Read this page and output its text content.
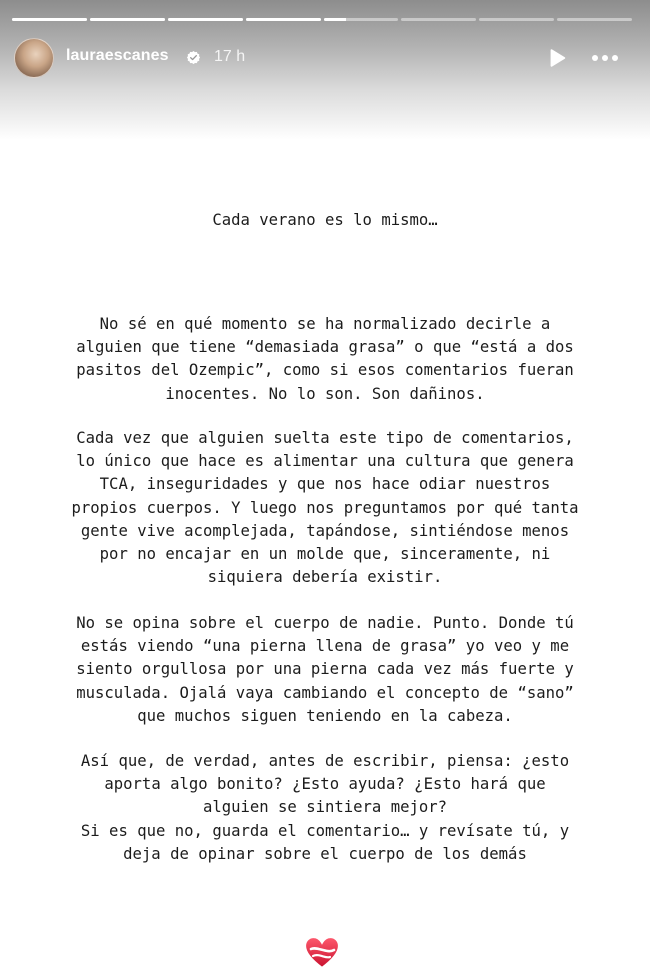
lauraescanes	17 h
Cada verano es lo mismo…
No sé en qué momento se ha normalizado decirle a
alguien que tiene “demasiada grasa” o que “está a dos
pasitos del Ozempic”, como si esos comentarios fueran
inocentes. No lo son. Son dañinos.
Cada vez que alguien suelta este tipo de comentarios,
lo único que hace es alimentar una cultura que genera
TCA, inseguridades y que nos hace odiar nuestros
propios cuerpos. Y luego nos preguntamos por qué tanta
gente vive acomplejada, tapándose, sintiéndose menos
por no encajar en un molde que, sinceramente, ni
siquiera debería existir.
No se opina sobre el cuerpo de nadie. Punto. Donde tú
estás viendo “una pierna llena de grasa” yo veo y me
siento orgullosa por una pierna cada vez más fuerte y
musculada. Ojalá vaya cambiando el concepto de “sano”
que muchos siguen teniendo en la cabeza.
Así que, de verdad, antes de escribir, piensa: ¿esto
aporta algo bonito? ¿Esto ayuda? ¿Esto hará que
alguien se sintiera mejor?
Si es que no, guarda el comentario… y revísate tú, y
deja de opinar sobre el cuerpo de los demás
